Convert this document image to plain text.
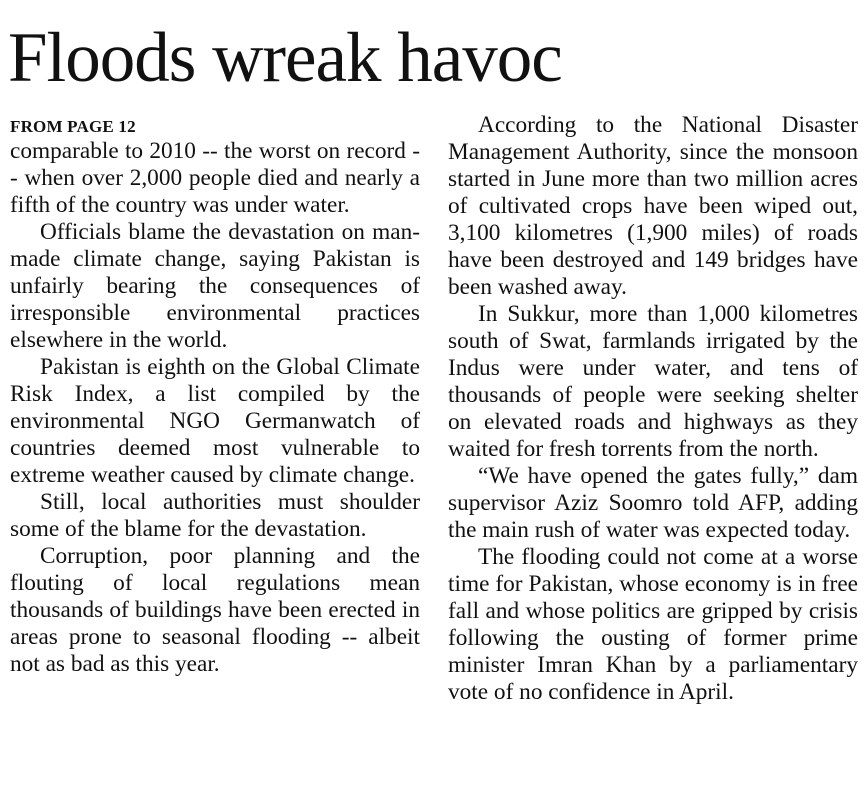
Floods wreak havoc
FROM PAGE 12

comparable to 2010 -- the worst on record -- when over 2,000 people died and nearly a fifth of the country was under water.

Officials blame the devastation on man-made climate change, saying Pakistan is unfairly bearing the consequences of irresponsible environmental practices elsewhere in the world.

Pakistan is eighth on the Global Climate Risk Index, a list compiled by the environmental NGO Germanwatch of countries deemed most vulnerable to extreme weather caused by climate change.

Still, local authorities must shoulder some of the blame for the devastation.

Corruption, poor planning and the flouting of local regulations mean thousands of buildings have been erected in areas prone to seasonal flooding -- albeit not as bad as this year.

According to the National Disaster Management Authority, since the monsoon started in June more than two million acres of cultivated crops have been wiped out, 3,100 kilometres (1,900 miles) of roads have been destroyed and 149 bridges have been washed away.

In Sukkur, more than 1,000 kilometres south of Swat, farmlands irrigated by the Indus were under water, and tens of thousands of people were seeking shelter on elevated roads and highways as they waited for fresh torrents from the north.

“We have opened the gates fully,” dam supervisor Aziz Soomro told AFP, adding the main rush of water was expected today.

The flooding could not come at a worse time for Pakistan, whose economy is in free fall and whose politics are gripped by crisis following the ousting of former prime minister Imran Khan by a parliamentary vote of no confidence in April.
